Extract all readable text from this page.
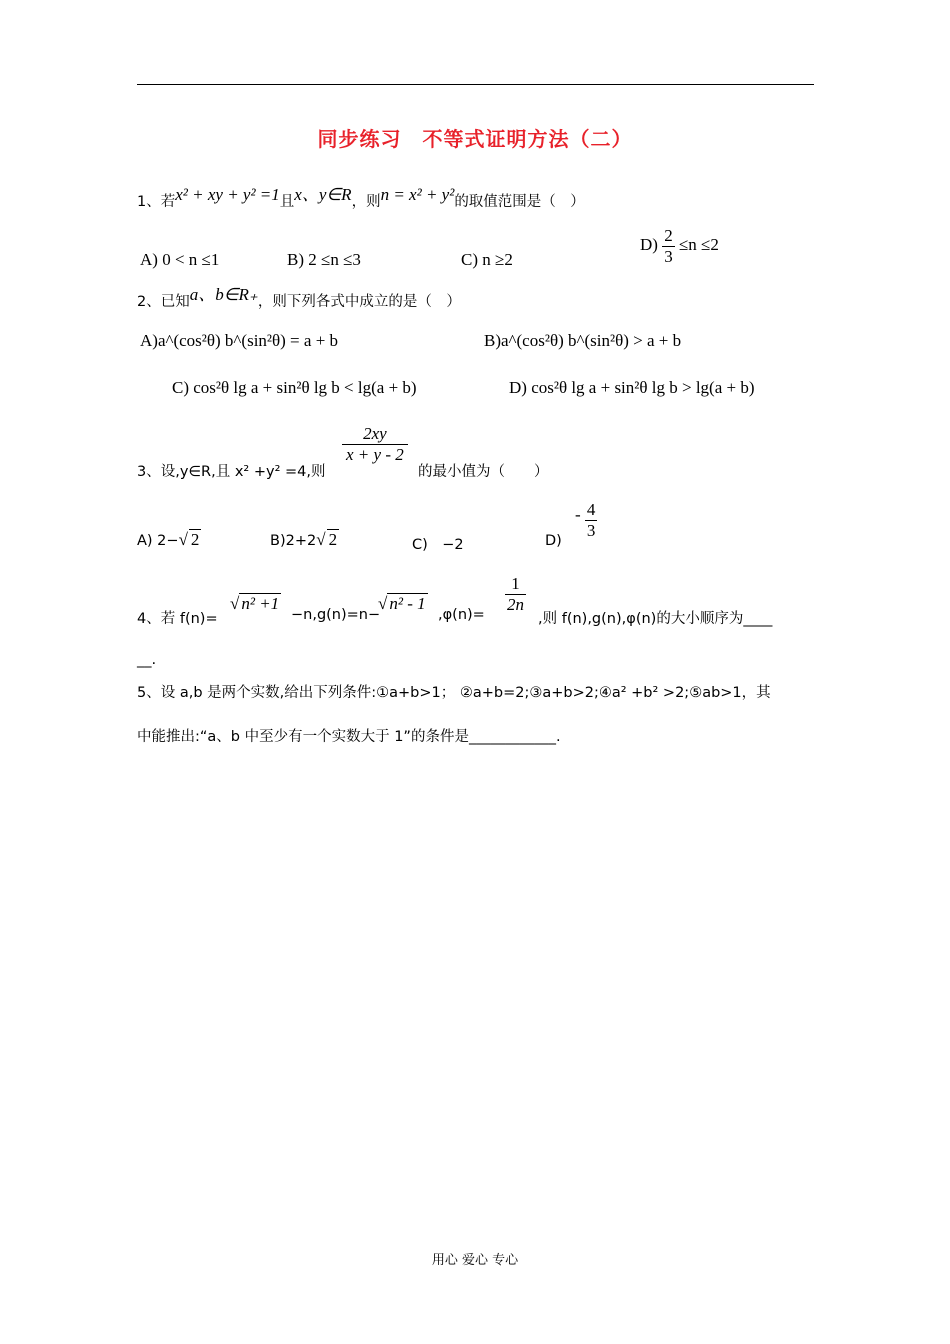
同步练习　不等式证明方法（二）
1、若x² + xy + y² =1且x、y∈R，则n = x² + y²的取值范围是（　）
A) 0 < n ≤1	B) 2 ≤n ≤3	C) n ≥2
$D) \frac{2}{3} \le n \le 2$
2、已知a、b∈R₊，则下列各式中成立的是（　）
A)a^(cos²θ) b^(sin²θ) = a + b	B)a^(cos²θ) b^(sin²θ) > a + b
C) cos²θ lg a + sin²θ lg b < lg(a + b)	D) cos²θ lg a + sin²θ lg b > lg(a + b)
3、设,y∈R,且 x² +y² =4,则
$\frac{2xy}{x + y - 2}$
的最小值为（　　）
A) 2−√ 2	B)2+2√ 2	C)　−2	D)
- $\frac{4}{3}$
4、若 f(n)=
√ n² +1
−n,g(n)=n−
√ n² - 1
,φ(n)=
$\frac{1}{2n}$
,则 f(n),g(n),φ(n)的大小顺序为____
__.
5、设 a,b 是两个实数,给出下列条件:①a+b>1； ②a+b=2;③a+b>2;④a² +b² >2;⑤ab>1，其
中能推出:“a、b 中至少有一个实数大于 1”的条件是____________.
用心 爱心 专心
